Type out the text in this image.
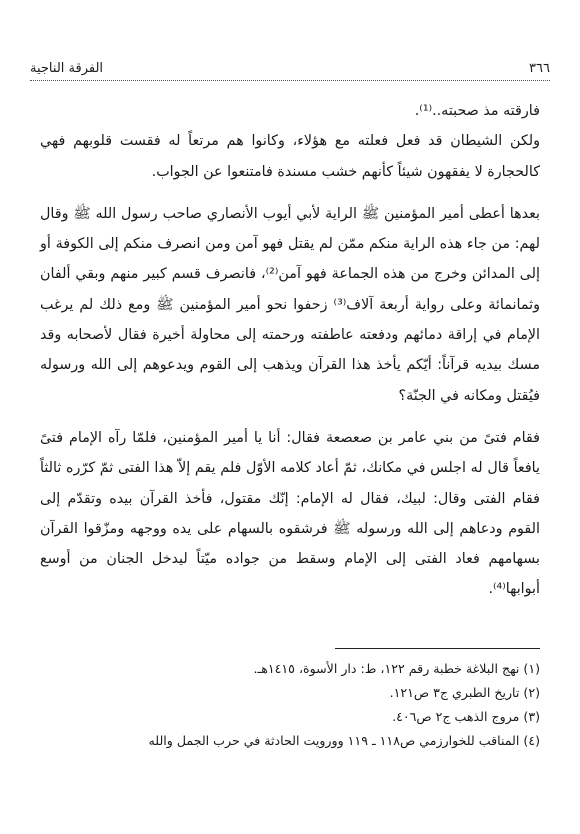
٣٦٦
الفرقة الناجية

فارقته مذ صحبته..⁽¹⁾.

ولكن الشيطان قد فعل فعلته مع هؤلاء، وكانوا هم مرتعاً له فقست قلوبهم فهي كالحجارة لا يفقهون شيئاً كأنهم خشب مسندة فامتنعوا عن الجواب.

بعدها أعطى أمير المؤمنين ﷺ الراية لأبي أيوب الأنصاري صاحب رسول الله ﷺ وقال لهم: من جاء هذه الراية منكم ممّن لم يقتل فهو آمن ومن انصرف منكم إلى الكوفة أو إلى المدائن وخرج من هذه الجماعة فهو آمن⁽²⁾، فانصرف قسم كبير منهم وبقي ألفان وثمانمائة وعلى رواية أربعة آلاف⁽³⁾ زحفوا نحو أمير المؤمنين ﷺ ومع ذلك لم يرغب الإمام في إراقة دمائهم ودفعته عاطفته ورحمته إلى محاولة أخيرة فقال لأصحابه وقد مسك بيديه قرآناً: أيّكم يأخذ هذا القرآن ويذهب إلى القوم ويدعوهم إلى الله ورسوله فيُقتل ومكانه في الجنّة؟

فقام فتىً من بني عامر بن صعصعة فقال: أنا يا أمير المؤمنين، فلمّا رآه الإمام فتىً يافعاً قال له اجلس في مكانك، ثمّ أعاد كلامه الأوّل فلم يقم إلاّ هذا الفتى ثمّ كرّره ثالثاً فقام الفتى وقال: لبيك، فقال له الإمام: إنّك مقتول، فأخذ القرآن بيده وتقدّم إلى القوم ودعاهم إلى الله ورسوله ﷺ فرشقوه بالسهام على يده ووجهه ومزّقوا القرآن بسهامهم فعاد الفتى إلى الإمام وسقط من جواده ميّتاً ليدخل الجنان من أوسع أبوابها⁽⁴⁾.

(١) نهج البلاغة خطبة رقم ١٢٢، ط: دار الأسوة، ١٤١٥هـ.
(٢) تاريخ الطبري ج٣ ص١٢١.
(٣) مروج الذهب ج٢ ص٤٠٦.
(٤) المناقب للخوارزمي ص١١٨ ـ ١١٩ وورويت الحادثة في حرب الجمل والله
